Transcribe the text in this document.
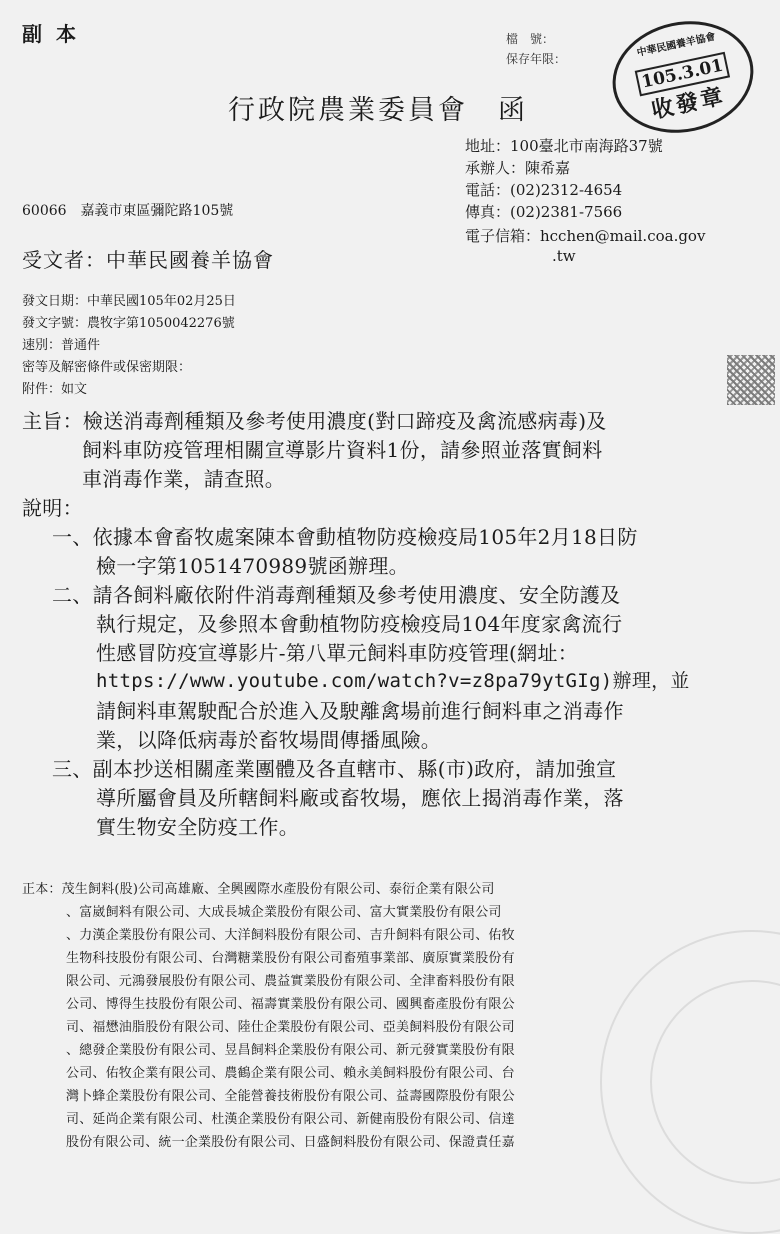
副本	檔　號：
保存年限：
中華民國養羊協會
105.3.01
收發章
行政院農業委員會　函
地址：100臺北市南海路37號
承辦人：陳希嘉
電話：(02)2312-4654
傳真：(02)2381-7566
電子信箱：hcchen@mail.coa.gov
.tw
60066　嘉義市東區彌陀路105號
受文者：中華民國養羊協會
發文日期：中華民國105年02月25日
發文字號：農牧字第1050042276號
速別：普通件
密等及解密條件或保密期限：
附件：如文
主旨：檢送消毒劑種類及參考使用濃度(對口蹄疫及禽流感病毒)及
飼料車防疫管理相關宣導影片資料1份，請參照並落實飼料
車消毒作業，請查照。
說明：
一、依據本會畜牧處案陳本會動植物防疫檢疫局105年2月18日防
檢一字第1051470989號函辦理。
二、請各飼料廠依附件消毒劑種類及參考使用濃度、安全防護及
執行規定，及參照本會動植物防疫檢疫局104年度家禽流行
性感冒防疫宣導影片-第八單元飼料車防疫管理(網址：
https://www.youtube.com/watch?v=z8pa79ytGIg)辦理，並
請飼料車駕駛配合於進入及駛離禽場前進行飼料車之消毒作
業，以降低病毒於畜牧場間傳播風險。
三、副本抄送相關產業團體及各直轄市、縣(市)政府，請加強宣
導所屬會員及所轄飼料廠或畜牧場，應依上揭消毒作業，落
實生物安全防疫工作。
正本：茂生飼料(股)公司高雄廠、全興國際水產股份有限公司、泰衍企業有限公司
、富崴飼料有限公司、大成長城企業股份有限公司、富大實業股份有限公司
、力漢企業股份有限公司、大洋飼料股份有限公司、吉升飼料有限公司、佑牧
生物科技股份有限公司、台灣糖業股份有限公司畜殖事業部、廣原實業股份有
限公司、元鴻發展股份有限公司、農益實業股份有限公司、全津畜料股份有限
公司、博得生技股份有限公司、福壽實業股份有限公司、國興畜產股份有限公
司、福懋油脂股份有限公司、陸仕企業股份有限公司、亞美飼料股份有限公司
、總發企業股份有限公司、昱昌飼料企業股份有限公司、新元發實業股份有限
公司、佑牧企業有限公司、農鶴企業有限公司、賴永美飼料股份有限公司、台
灣卜蜂企業股份有限公司、全能營養技術股份有限公司、益壽國際股份有限公
司、延尚企業有限公司、杜漢企業股份有限公司、新健南股份有限公司、信達
股份有限公司、統一企業股份有限公司、日盛飼料股份有限公司、保證責任嘉
